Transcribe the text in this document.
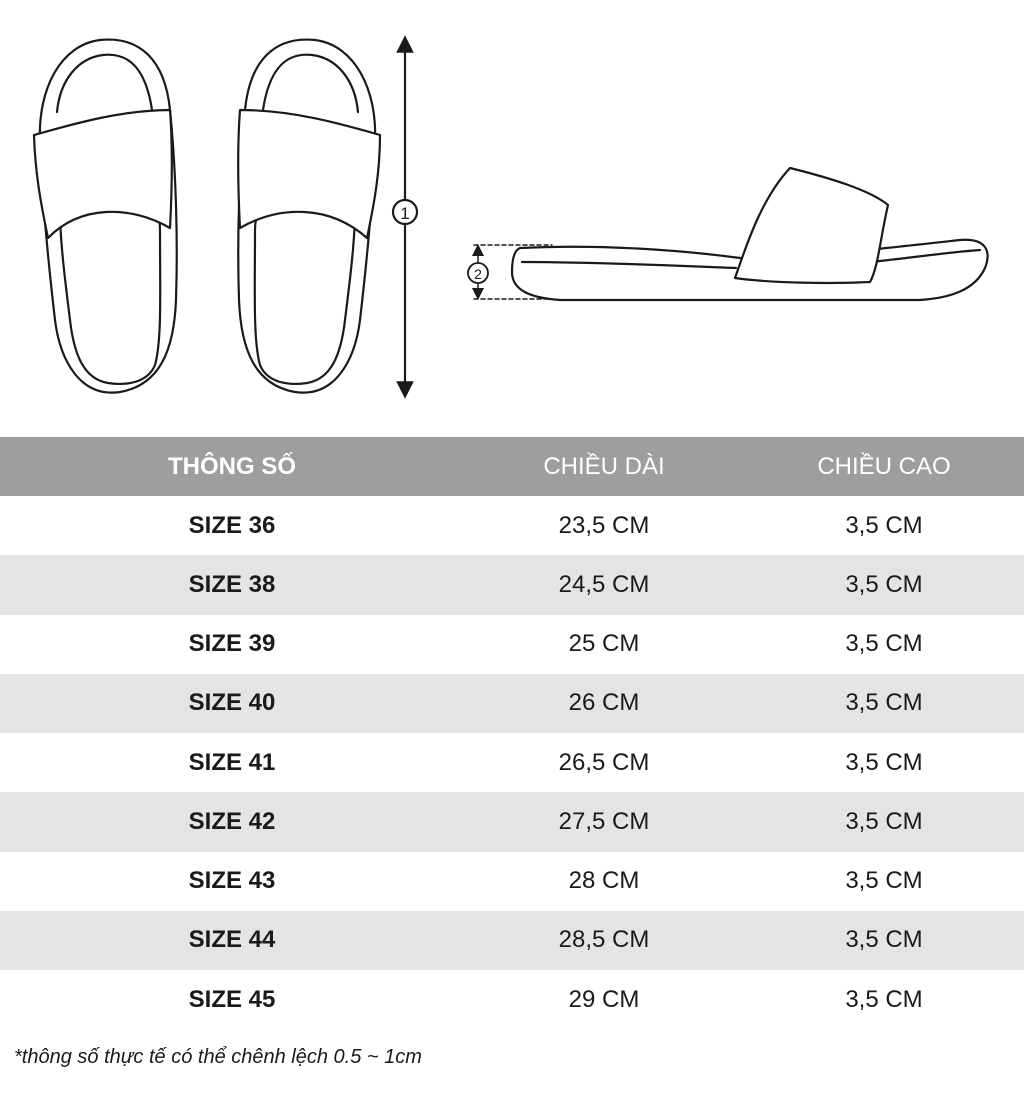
1
2
THÔNG SỐ	CHIỀU DÀI	CHIỀU CAO
SIZE 36	23,5 CM	3,5 CM
SIZE 38	24,5 CM	3,5 CM
SIZE 39	25 CM	3,5 CM
SIZE 40	26 CM	3,5 CM
SIZE 41	26,5 CM	3,5 CM
SIZE 42	27,5 CM	3,5 CM
SIZE 43	28 CM	3,5 CM
SIZE 44	28,5 CM	3,5 CM
SIZE 45	29 CM	3,5 CM
*thông số thực tế có thể chênh lệch 0.5 ~ 1cm
